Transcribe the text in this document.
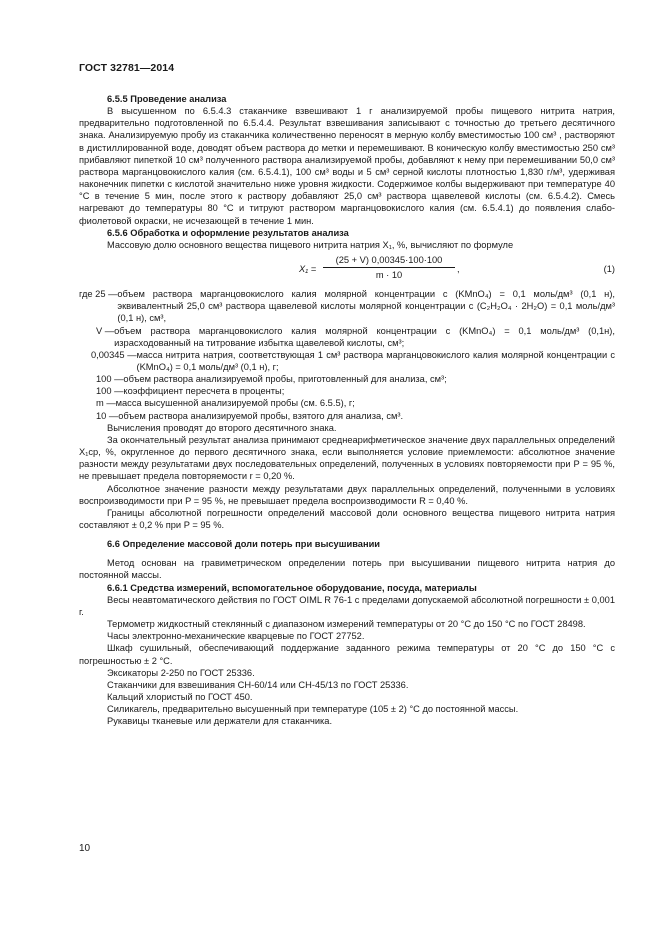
ГОСТ 32781—2014

6.5.5 Проведение анализа

В высушенном по 6.5.4.3 стаканчике взвешивают 1 г анализируемой пробы пищевого нитрита натрия, предварительно подготовленной по 6.5.4.4. Результат взвешивания записывают с точностью до третьего десятичного знака. Анализируемую пробу из стаканчика количественно переносят в мерную колбу вместимостью 100 см³ , растворяют в дистиллированной воде, доводят объем раствора до метки и перемешивают. В коническую колбу вместимостью 250 см³ прибавляют пипеткой 10 см³ полученного раствора анализируемой пробы, добавляют к нему при перемешивании 50,0 см³ раствора марганцовокислого калия (см. 6.5.4.1), 100 см³ воды и 5 см³ серной кислоты плотностью 1,830 г/м³, удерживая наконечник пипетки с кислотой значительно ниже уровня жидкости. Содержимое колбы выдерживают при температуре 40 °С в течение 5 мин, после этого к раствору добавляют 25,0 см³ раствора щавелевой кислоты (см. 6.5.4.2). Смесь нагревают до температуры 80 °С и титруют раствором марганцовокислого калия (см. 6.5.4.1) до появления слабо-фиолетовой окраски, не исчезающей в течение 1 мин.

6.5.6 Обработка и оформление результатов анализа

Массовую долю основного вещества пищевого нитрита натрия X₁, %, вычисляют по формуле

$X_1 = \frac{(25 + V) 0,00345\cdot 100\cdot 100}{m \cdot 10}$	(1)
,
где 25 — объем раствора марганцовокислого калия молярной концентрации с (KMnO₄) = 0,1 моль/дм³ (0,1 н), эквивалентный 25,0 см³ раствора щавелевой кислоты молярной концентрации с (C₂H₂O₄ · 2H₂O) = 0,1 моль/дм³ (0,1 н), см³,
V — объем раствора марганцовокислого калия молярной концентрации с (KMnO₄) = 0,1 моль/дм³ (0,1н), израсходованный на титрование избытка щавелевой кислоты, см³;
0,00345 — масса нитрита натрия, соответствующая 1 см³ раствора марганцовокислого калия молярной концентрации с (KMnO₄) = 0,1 моль/дм³ (0,1 н), г;
100 — объем раствора анализируемой пробы, приготовленный для анализа, см³;
100 — коэффициент пересчета в проценты;
m — масса высушенной анализируемой пробы (см. 6.5.5), г;
10 — объем раствора анализируемой пробы, взятого для анализа, см³.

Вычисления проводят до второго десятичного знака.

За окончательный результат анализа принимают среднеарифметическое значение двух параллельных определений X₁ср, %, округленное до первого десятичного знака, если выполняется условие приемлемости: абсолютное значение разности между результатами двух последовательных определений, полученных в условиях повторяемости при P = 95 %, не превышает предела повторяемости r = 0,20 %.

Абсолютное значение разности между результатами двух параллельных определений, полученными в условиях воспроизводимости при P = 95 %, не превышает предела воспроизводимости R = 0,40 %.

Границы абсолютной погрешности определений массовой доли основного вещества пищевого нитрита натрия составляют ± 0,2 % при P = 95 %.

6.6 Определение массовой доли потерь при высушивании

Метод основан на гравиметрическом определении потерь при высушивании пищевого нитрита натрия до постоянной массы.

6.6.1 Средства измерений, вспомогательное оборудование, посуда, материалы

Весы неавтоматического действия по ГОСТ OIML R 76-1 с пределами допускаемой абсолютной погрешности ± 0,001 г.

Термометр жидкостный стеклянный с диапазоном измерений температуры от 20 °С до 150 °С по ГОСТ 28498.

Часы электронно-механические кварцевые по ГОСТ 27752.

Шкаф сушильный, обеспечивающий поддержание заданного режима температуры от 20 °С до 150 °С с погрешностью ± 2 °С.

Эксикаторы 2-250 по ГОСТ 25336.

Стаканчики для взвешивания СН-60/14 или СН-45/13 по ГОСТ 25336.

Кальций хлористый по ГОСТ 450.

Силикагель, предварительно высушенный при температуре (105 ± 2) °С до постоянной массы.

Рукавицы тканевые или держатели для стаканчика.

10
